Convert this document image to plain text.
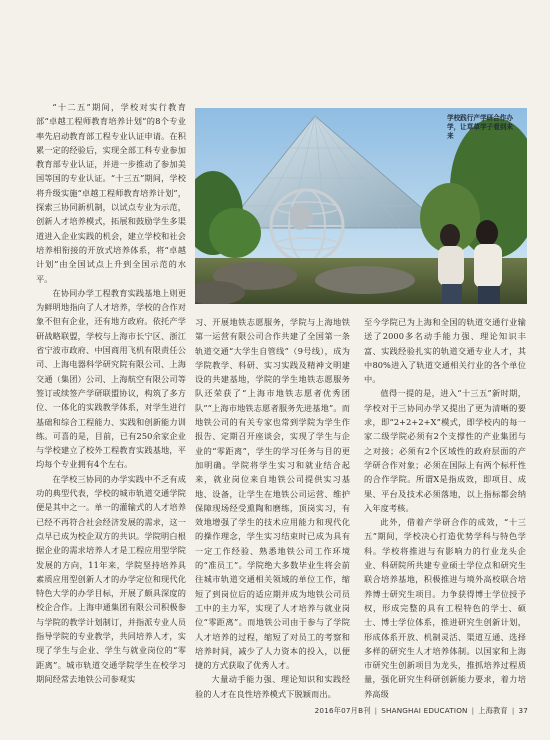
“十二五”期间，学校对实行教育部“卓越工程师教育培养计划”的8个专业率先启动教育部工程专业认证申请。在积累一定的经验后，实现全部工科专业参加教育部专业认证，并进一步推动了参加美国等国的专业认证。“十三五”期间，学校将升级实施“卓越工程师教育培养计划”，探索三协同新机制，以试点专业为示范，创新人才培养模式，拓展和鼓励学生多渠道进入企业实践的机会，建立学校和社会培养相衔接的开放式培养体系，将“卓越计划”由全国试点上升到全国示范的水平。

在协同办学工程教育实践基地上则更为鲜明地指向了人才培养，学校的合作对象不但有企业，还有地方政府。依托产学研战略联盟，学校与上海市长宁区、浙江省宁波市政府、中国商用飞机有限责任公司、上海电器科学研究院有限公司、上海交通（集团）公司、上海航空有限公司等签订或续签产学研联盟协议，构筑了多方位、一体化的实践教学体系，对学生进行基础和综合工程能力、实践和创新能力训练。可喜的是，目前，已有250余家企业与学校建立了校外工程教育实践基地，平均每个专业拥有4个左右。

在学校三协同的办学实践中不乏有成功的典型代表，学校的城市轨道交通学院便是其中之一。单一的灌输式的人才培养已经不再符合社会经济发展的需求，这一点早已成为校企双方的共识。学院明白根据企业的需求培养人才是工程应用型学院发展的方向，11年来，学院坚持培养具素质应用型创新人才的办学定位和现代化特色大学的办学目标，开展了颇具深度的校企合作。上海申通集团有限公司积极参与学院的教学计划制订，并指派专业人员指导学院的专业教学，共同培养人才，实现了学生与企业、学生与就业岗位的“零距离”。城市轨道交通学院学生在校学习期间经常去地铁公司参观实

学校践行产学研合作办学，让草草学子看到未来

习、开展地铁志愿服务，学院与上海地铁第一运营有限公司合作共建了全国第一条轨道交通“大学生自管线”（9号线），成为学院教学、科研、实习实践及精神文明建设的共建基地，学院的学生地铁志愿服务队还荣获了“上海市地铁志愿者优秀团队”“上海市地铁志愿者服务先进基地”。而地铁公司的有关专家也常到学院为学生作报告、定期召开座谈会，实现了学生与企业的“零距离”，学生的学习任务与目的更加明确。学院将学生实习和就业结合起来，就业岗位来自地铁公司提供实习基地、设备，让学生在地铁公司运营、维护保障现场经受熏陶和磨练，顶岗实习，有效地增强了学生的技术应用能力和现代化的操作理念，学生实习结束时已成为具有一定工作经验、熟悉地铁公司工作环境的“准员工”。学院绝大多数毕业生将会前往城市轨道交通相关领域的单位工作，缩短了到岗位后的适应期并成为地铁公司员工中的主力军，实现了人才培养与就业岗位“零距离”。而地铁公司由于参与了学院人才培养的过程，缩短了对员工的考察和培养时间，减少了人力资本的投入，以便捷的方式获取了优秀人才。

大量动手能力强、理论知识和实践经验的人才在良性培养模式下脱颖而出。

至今学院已为上海和全国的轨道交通行业输送了2000多名动手能力强、理论知识丰富、实践经验扎实的轨道交通专业人才，其中80%进入了轨道交通相关行业的各个单位中。

值得一提的是，进入“十三五”新时期，学校对于三协同办学又提出了更为清晰的要求，即“2+2+2+X”模式，即学校内的每一家二级学院必须有2个支撑性的产业集团与之对接；必须有2个区域性的政府层面的产学研合作对象；必须在国际上有两个标杆性的合作学院。所谓X是指成效，即项目、成果、平台及技术必须落地，以上指标都会纳入年度考核。

此外，借着产学研合作的成效，“十三五”期间，学校决心打造优势学科与特色学科。学校将推进与有影响力的行业龙头企业、科研院所共建专业硕士学位点和研究生联合培养基地，积极推进与境外高校联合培养博士研究生项目。力争获得博士学位授予权，形成完整的具有工程特色的学士、硕士、博士学位体系，推进研究生创新计划，形成体系开放、机制灵活、渠道互通、选择多样的研究生人才培养体制。以国家和上海市研究生创新项目为龙头，推抓培养过程质量，强化研究生科研创新能力要求，着力培养高级

2016年07月B刊 | SHANGHAI EDUCATION | 上海教育 | 37
